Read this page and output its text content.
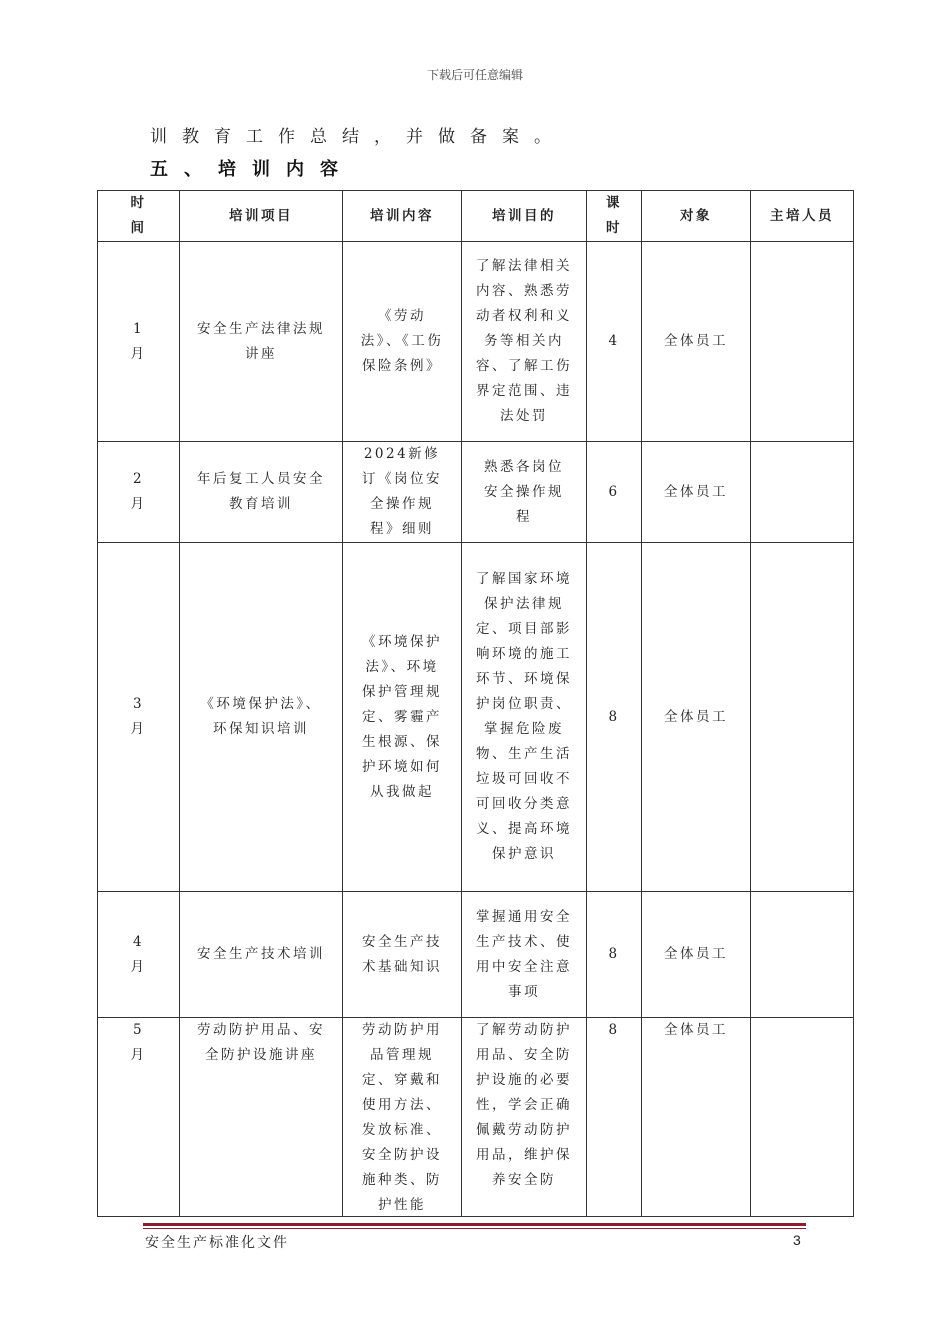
下载后可任意编辑
训教育工作总结，并做备案。
五、培训内容
时间	培训项目	培训内容	培训目的	课时	对象	主培人员

1月	安全生产法律法规讲座	《劳动法》、《工伤保险条例》	了解法律相关内容、熟悉劳动者权利和义务等相关内容、了解工伤界定范围、违法处罚	4	全体员工	

2月	年后复工人员安全教育培训	2024新修订《岗位安全操作规程》细则	熟悉各岗位安全操作规程	6	全体员工	

3月	《环境保护法》、环保知识培训	《环境保护法》、环境保护管理规定、雾霾产生根源、保护环境如何从我做起	了解国家环境保护法律规定、项目部影响环境的施工环节、环境保护岗位职责、掌握危险废物、生产生活垃圾可回收不可回收分类意义、提高环境保护意识	8	全体员工	

4月	安全生产技术培训	安全生产技术基础知识	掌握通用安全生产技术、使用中安全注意事项	8	全体员工	

5月	劳动防护用品、安全防护设施讲座	劳动防护用品管理规定、穿戴和使用方法、发放标准、安全防护设施种类、防护性能	了解劳动防护用品、安全防护设施的必要性，学会正确佩戴劳动防护用品，维护保养安全防	8	全体员工	
安全生产标准化文件	3
